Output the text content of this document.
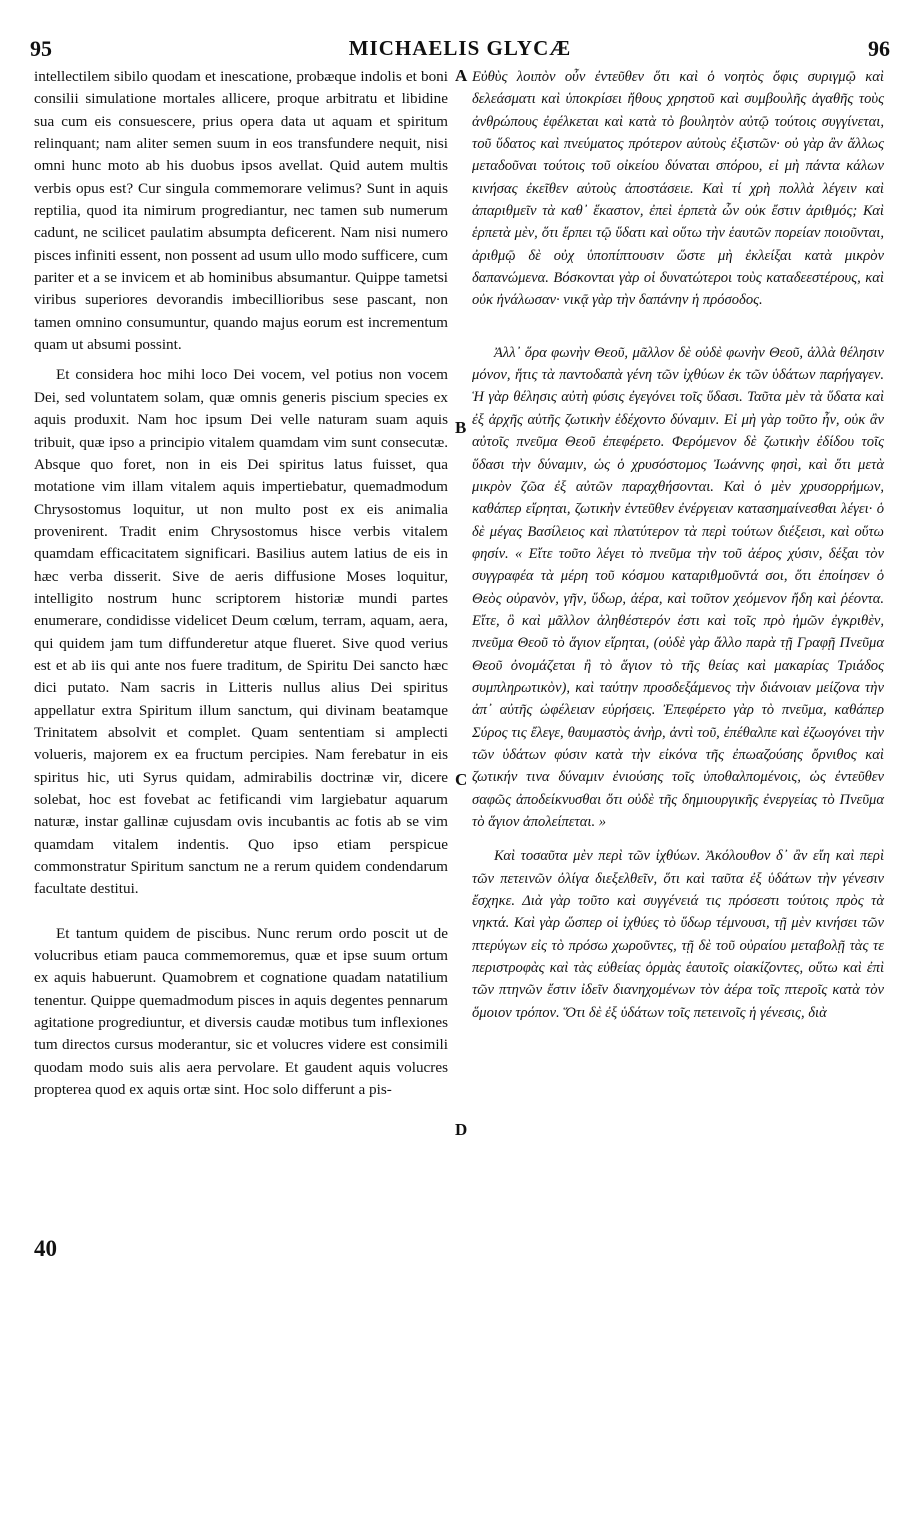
95	MICHAELIS GLYCÆ	96

intellectilem sibilo quodam et inescatione, probæque indolis et boni consilii simulatione mortales allicere, proque arbitratu et libidine sua cum eis consuescere, prius opera data ut aquam et spiritum relinquant; nam aliter semen suum in eos transfundere nequit, nisi omni hunc moto ab his duobus ipsos avellat. Quid autem multis verbis opus est? Cur singula commemorare velimus? Sunt in aquis reptilia, quod ita nimirum progrediantur, nec tamen sub numerum cadunt, ne scilicet paulatim absumpta deficerent. Nam nisi numero pisces infiniti essent, non possent ad usum ullo modo sufficere, cum pariter et a se invicem et ab hominibus absumantur. Quippe tametsi viribus superiores devorandis imbecillioribus sese pascant, non tamen omnino consumuntur, quando majus eorum est incrementum quam ut absumi possint.

Et considera hoc mihi loco Dei vocem, vel potius non vocem Dei, sed voluntatem solam, quæ omnis generis piscium species ex aquis produxit. Nam hoc ipsum Dei velle naturam suam aquis tribuit, quæ ipso a principio vitalem quamdam vim sunt consecutæ. Absque quo foret, non in eis Dei spiritus latus fuisset, qua motatione vim illam vitalem aquis impertiebatur, quemadmodum Chrysostomus loquitur, ut non multo post ex eis animalia provenirent. Tradit enim Chrysostomus hisce verbis vitalem quamdam efficacitatem significari. Basilius autem latius de eis in hæc verba disserit. Sive de aeris diffusione Moses loquitur, intelligito nostrum hunc scriptorem historiæ mundi partes enumerare, condidisse videlicet Deum cœlum, terram, aquam, aera, qui quidem jam tum diffunderetur atque flueret. Sive quod verius est et ab iis qui ante nos fuere traditum, de Spiritu Dei sancto hæc dici putato. Nam sacris in Litteris nullus alius Dei spiritus appellatur extra Spiritum illum sanctum, qui divinam beatamque Trinitatem absolvit et complet. Quam sententiam si amplecti volueris, majorem ex ea fructum percipies. Nam ferebatur in eis spiritus hic, uti Syrus quidam, admirabilis doctrinæ vir, dicere solebat, hoc est fovebat ac fetificandi vim largiebatur aquarum naturæ, instar gallinæ cujusdam ovis incubantis ac fotis ab se vim quamdam vitalem indentis. Quo ipso etiam perspicue commonstratur Spiritum sanctum ne a rerum quidem condendarum facultate destitui.

Et tantum quidem de piscibus. Nunc rerum ordo poscit ut de volucribus etiam pauca commemoremus, quæ et ipse suum ortum ex aquis habuerunt. Quamobrem et cognatione quadam natatilium tenentur. Quippe quemadmodum pisces in aquis degentes pennarum agitatione progrediuntur, et diversis caudæ motibus tum inflexiones tum directos cursus moderantur, sic et volucres videre est consimili quodam modo suis alis aera pervolare. Et gaudent aquis volucres propterea quod ex aquis ortæ sint. Hoc solo differunt a pis-

Εὐθὺς λοιπὸν οὖν ἐντεῦθεν ὅτι καὶ ὁ νοητὸς ὄφις συριγμῷ καὶ δελεάσματι καὶ ὑποκρίσει ἤθους χρηστοῦ καὶ συμβουλῆς ἀγαθῆς τοὺς ἀνθρώπους ἐφέλκεται καὶ κατὰ τὸ βουλητὸν αὐτῷ τούτοις συγγίνεται, τοῦ ὕδατος καὶ πνεύματος πρότερον αὐτοὺς ἐξιστῶν· οὐ γὰρ ἂν ἄλλως μεταδοῦναι τούτοις τοῦ οἰκείου δύναται σπόρου, εἰ μὴ πάντα κάλων κινήσας ἐκεῖθεν αὐτοὺς ἀποστάσειε. Καὶ τί χρὴ πολλὰ λέγειν καὶ ἀπαριθμεῖν τὰ καθ᾽ ἕκαστον, ἐπεὶ ἑρπετὰ ὧν οὐκ ἔστιν ἀριθμός; Καὶ ἑρπετὰ μὲν, ὅτι ἕρπει τῷ ὕδατι καὶ οὕτω τὴν ἑαυτῶν πορείαν ποιοῦνται, ἀριθμῷ δὲ οὐχ ὑποπίπτουσιν ὥστε μὴ ἐκλείξαι κατὰ μικρὸν δαπανώμενα. Βόσκονται γὰρ οἱ δυνατώτεροι τοὺς καταδεεστέρους, καὶ οὐκ ἠνάλωσαν· νικᾷ γὰρ τὴν δαπάνην ἡ πρόσοδος.

Ἀλλ᾽ ὅρα φωνὴν Θεοῦ, μᾶλλον δὲ οὐδὲ φωνὴν Θεοῦ, ἀλλὰ θέλησιν μόνον, ἥτις τὰ παντοδαπὰ γένη τῶν ἰχθύων ἐκ τῶν ὑδάτων παρήγαγεν. Ἡ γὰρ θέλησις αὐτὴ φύσις ἐγεγόνει τοῖς ὕδασι. Ταῦτα μὲν τὰ ὕδατα καὶ ἐξ ἀρχῆς αὐτῆς ζωτικὴν ἐδέχοντο δύναμιν. Εἰ μὴ γὰρ τοῦτο ἦν, οὐκ ἂν αὐτοῖς πνεῦμα Θεοῦ ἐπεφέρετο. Φερόμενον δὲ ζωτικὴν ἐδίδου τοῖς ὕδασι τὴν δύναμιν, ὡς ὁ χρυσόστομος Ἰωάννης φησὶ, καὶ ὅτι μετὰ μικρὸν ζῶα ἐξ αὐτῶν παραχθήσονται. Καὶ ὁ μὲν χρυσορρήμων, καθάπερ εἴρηται, ζωτικὴν ἐντεῦθεν ἐνέργειαν κατασημαίνεσθαι λέγει· ὁ δὲ μέγας Βασίλειος καὶ πλατύτερον τὰ περὶ τούτων διέξεισι, καὶ οὕτω φησίν. « Εἴτε τοῦτο λέγει τὸ πνεῦμα τὴν τοῦ ἀέρος χύσιν, δέξαι τὸν συγγραφέα τὰ μέρη τοῦ κόσμου καταριθμοῦντά σοι, ὅτι ἐποίησεν ὁ Θεὸς οὐρανὸν, γῆν, ὕδωρ, ἀέρα, καὶ τοῦτον χεόμενον ἤδη καὶ ῥέοντα. Εἴτε, ὃ καὶ μᾶλλον ἀληθέστερόν ἐστι καὶ τοῖς πρὸ ἡμῶν ἐγκριθὲν, πνεῦμα Θεοῦ τὸ ἅγιον εἴρηται, (οὐδὲ γὰρ ἄλλο παρὰ τῇ Γραφῇ Πνεῦμα Θεοῦ ὀνομάζεται ἢ τὸ ἅγιον τὸ τῆς θείας καὶ μακαρίας Τριάδος συμπληρωτικὸν), καὶ ταύτην προσδεξάμενος τὴν διάνοιαν μείζονα τὴν ἀπ᾽ αὐτῆς ὠφέλειαν εὑρήσεις. Ἐπεφέρετο γὰρ τὸ πνεῦμα, καθάπερ Σύρος τις ἔλεγε, θαυμαστὸς ἀνὴρ, ἀντὶ τοῦ, ἐπέθαλπε καὶ ἐζωογόνει τὴν τῶν ὑδάτων φύσιν κατὰ τὴν εἰκόνα τῆς ἐπωαζούσης ὄρνιθος καὶ ζωτικήν τινα δύναμιν ἐνιούσης τοῖς ὑποθαλπομένοις, ὡς ἐντεῦθεν σαφῶς ἀποδείκνυσθαι ὅτι οὐδὲ τῆς δημιουργικῆς ἐνεργείας τὸ Πνεῦμα τὸ ἅγιον ἀπολείπεται. »

Καὶ τοσαῦτα μὲν περὶ τῶν ἰχθύων. Ἀκόλουθον δ᾽ ἂν εἴη καὶ περὶ τῶν πετεινῶν ὀλίγα διεξελθεῖν, ὅτι καὶ ταῦτα ἐξ ὑδάτων τὴν γένεσιν ἔσχηκε. Διὰ γὰρ τοῦτο καὶ συγγένειά τις πρόσεστι τούτοις πρὸς τὰ νηκτά. Καὶ γὰρ ὥσπερ οἱ ἰχθύες τὸ ὕδωρ τέμνουσι, τῇ μὲν κινήσει τῶν πτερύγων εἰς τὸ πρόσω χωροῦντες, τῇ δὲ τοῦ οὐραίου μεταβολῇ τὰς τε περιστροφὰς καὶ τὰς εὐθείας ὁρμὰς ἑαυτοῖς οἰακίζοντες, οὕτω καὶ ἐπὶ τῶν πτηνῶν ἔστιν ἰδεῖν διανηχομένων τὸν ἀέρα τοῖς πτεροῖς κατὰ τὸν ὅμοιον τρόπον. Ὅτι δὲ ἐξ ὑδάτων τοῖς πετεινοῖς ἡ γένεσις, διὰ

A
B
C
D
40
